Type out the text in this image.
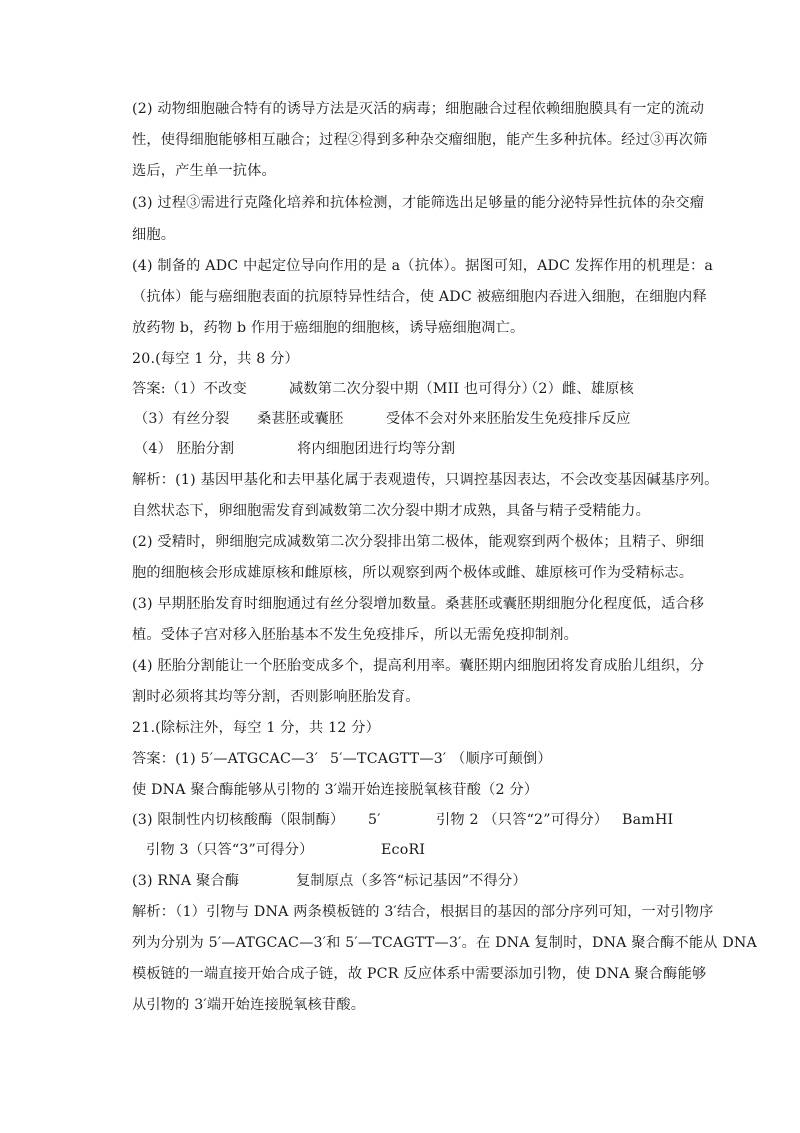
(2) 动物细胞融合特有的诱导方法是灭活的病毒；细胞融合过程依赖细胞膜具有一定的流动
性，使得细胞能够相互融合；过程②得到多种杂交瘤细胞，能产生多种抗体。经过③再次筛
选后，产生单一抗体。
(3) 过程③需进行克隆化培养和抗体检测，才能筛选出足够量的能分泌特异性抗体的杂交瘤
细胞。
(4) 制备的 ADC 中起定位导向作用的是 a（抗体）。据图可知，ADC 发挥作用的机理是：a
（抗体）能与癌细胞表面的抗原特异性结合，使 ADC 被癌细胞内吞进入细胞，在细胞内释
放药物 b，药物 b 作用于癌细胞的细胞核，诱导癌细胞凋亡。
20.(每空 1 分，共 8 分）
答案:（1）不改变	减数第二次分裂中期（MII 也可得分）
（2）雌、雄原核
（3）有丝分裂 桑葚胚或囊胚	受体不会对外来胚胎发生免疫排斥反应
（4） 胚胎分割	将内细胞团进行均等分割
解析：(1) 基因甲基化和去甲基化属于表观遗传，只调控基因表达，不会改变基因碱基序列。
自然状态下，卵细胞需发育到减数第二次分裂中期才成熟，具备与精子受精能力。
(2) 受精时，卵细胞完成减数第二次分裂排出第二极体，能观察到两个极体；且精子、卵细
胞的细胞核会形成雄原核和雌原核，所以观察到两个极体或雌、雄原核可作为受精标志。
(3) 早期胚胎发育时细胞通过有丝分裂增加数量。桑葚胚或囊胚期细胞分化程度低，适合移
植。受体子宫对移入胚胎基本不发生免疫排斥，所以无需免疫抑制剂。
(4) 胚胎分割能让一个胚胎变成多个，提高利用率。囊胚期内细胞团将发育成胎儿组织，分
割时必须将其均等分割，否则影响胚胎发育。
21.(除标注外，每空 1 分，共 12 分）
答案：(1) 5′—ATGCAC—3′ 5′—TCAGTT—3′ （顺序可颠倒）
使 DNA 聚合酶能够从引物的 3′端开始连接脱氧核苷酸（2 分）
(3) 限制性内切核酸酶（限制酶） 5′	引物 2 （只答“2”可得分） BamHI
引物 3（只答“3”可得分）	EcoRI
(3) RNA 聚合酶	复制原点（多答“标记基因”不得分）
解析：（1）引物与 DNA 两条模板链的 3′结合，根据目的基因的部分序列可知，一对引物序
列为分别为 5′—ATGCAC—3′和 5′—TCAGTT—3′。在 DNA 复制时，DNA 聚合酶不能从 DNA
模板链的一端直接开始合成子链，故 PCR 反应体系中需要添加引物，使 DNA 聚合酶能够
从引物的 3′端开始连接脱氧核苷酸。
